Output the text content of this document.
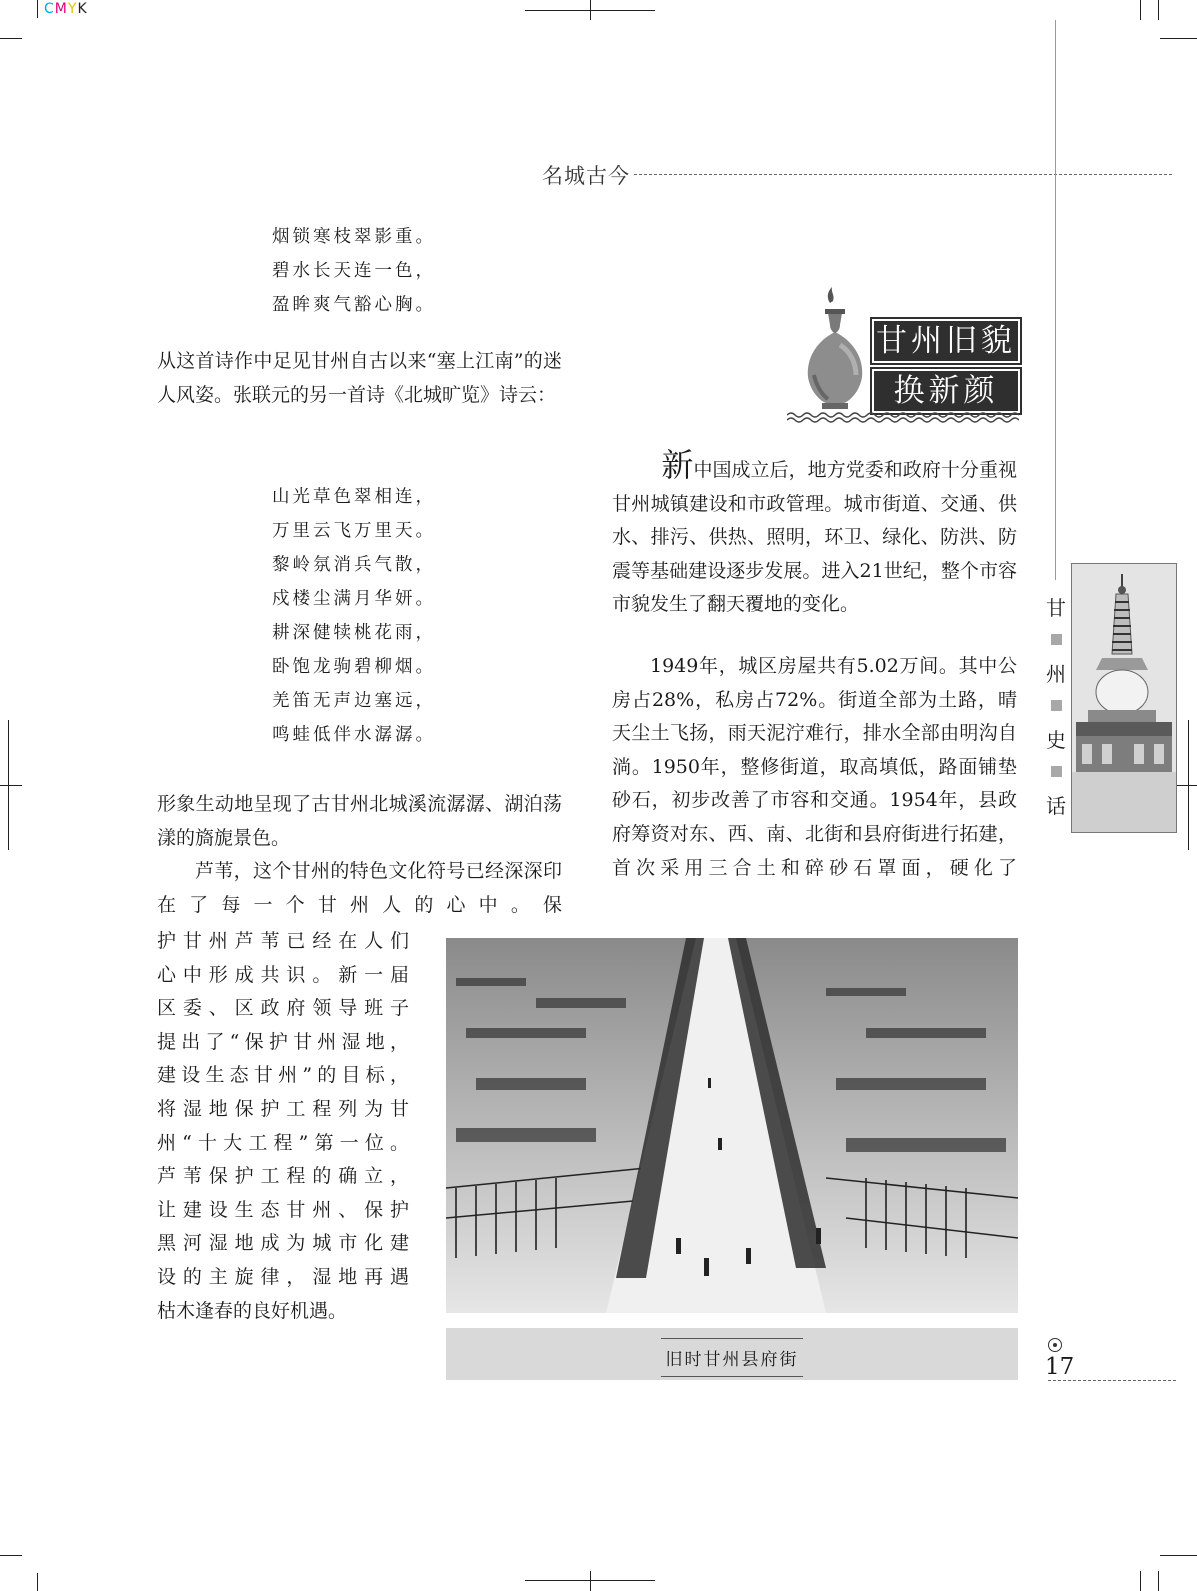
CMYK
名城古今
烟锁寒枝翠影重。
碧水长天连一色，
盈眸爽气豁心胸。

从这首诗作中足见甘州自古以来“塞上江南”的迷人风姿。张联元的另一首诗《北城旷览》诗云：

山光草色翠相连，
万里云飞万里天。
黎岭氛消兵气散，
戍楼尘满月华妍。
耕深健犊桃花雨，
卧饱龙驹碧柳烟。
羌笛无声边塞远，
鸣蛙低伴水潺潺。

形象生动地呈现了古甘州北城溪流潺潺、湖泊荡漾的旖旎景色。

芦苇，这个甘州的特色文化符号已经深深印在了每一个甘州人的心中。保

护甘州芦苇已经在人们
心中形成共识。新一届
区委、区政府领导班子
提出了“保护甘州湿地，
建设生态甘州”的目标，
将湿地保护工程列为甘
州“十大工程”第一位。
芦苇保护工程的确立，
让建设生态甘州、保护
黑河湿地成为城市化建
设的主旋律，湿地再遇
枯木逢春的良好机遇。
甘州旧貌
换新颜

新中国成立后，地方党委和政府十分重视甘州城镇建设和市政管理。城市街道、交通、供水、排污、供热、照明，环卫、绿化、防洪、防震等基础建设逐步发展。进入21世纪，整个市容市貌发生了翻天覆地的变化。

1949年，城区房屋共有5.02万间。其中公房占28%，私房占72%。街道全部为土路，晴天尘土飞扬，雨天泥泞难行，排水全部由明沟自淌。1950年，整修街道，取高填低，路面铺垫砂石，初步改善了市容和交通。1954年，县政府筹资对东、西、南、北街和县府街进行拓建，首次采用三合土和碎砂石罩面，硬化了

甘
州
史
话
旧时甘州县府街	17
